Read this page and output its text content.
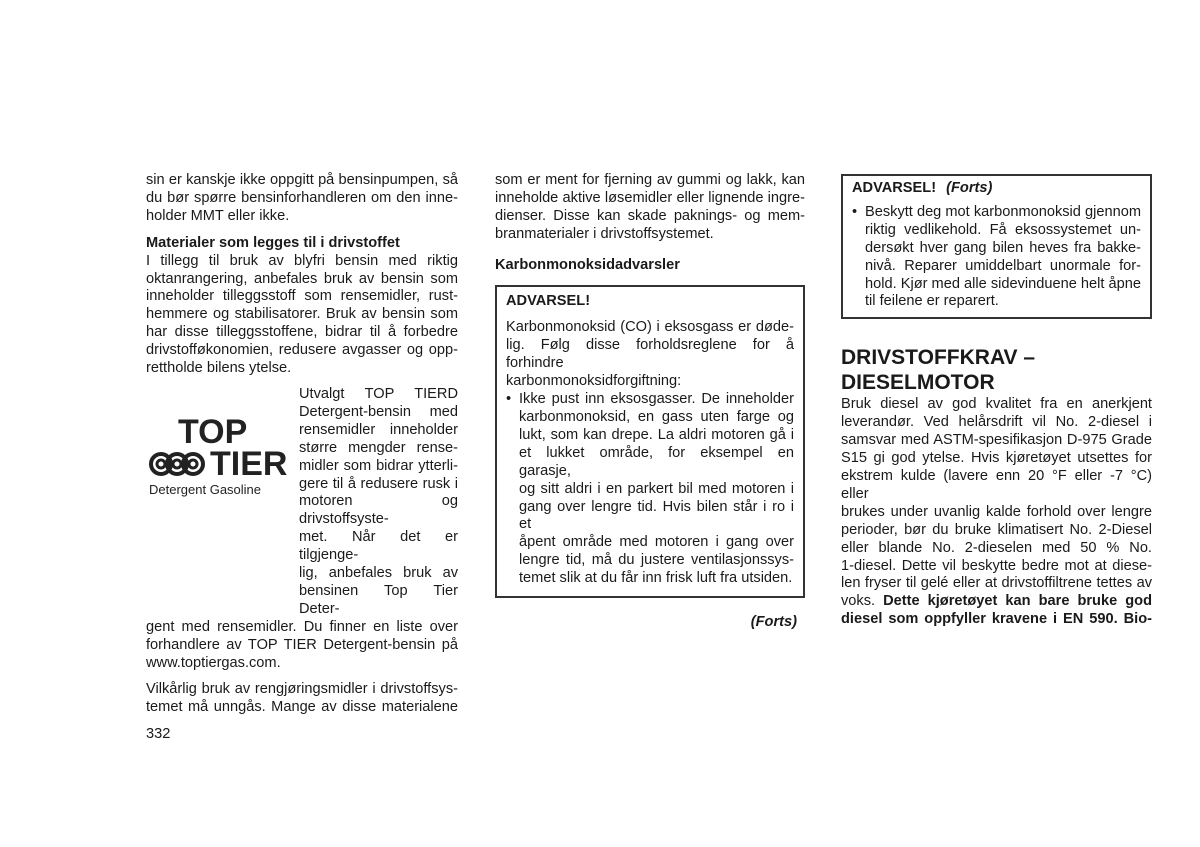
sin er kanskje ikke oppgitt på bensinpumpen, så

du bør spørre bensinforhandleren om den inne-

holder MMT eller ikke.

Materialer som legges til i drivstoffet

I tillegg til bruk av blyfri bensin med riktig

oktanrangering, anbefales bruk av bensin som

inneholder tilleggsstoff som rensemidler, rust-

hemmere og stabilisatorer. Bruk av bensin som

har disse tilleggsstoffene, bidrar til å forbedre

drivstofføkonomien, redusere avgasser og opp-

rettholde bilens ytelse.

TOP
TIER
Detergent Gasoline

Utvalgt TOP TIERD

Detergent-bensin med

rensemidler inneholder

større mengder rense-

midler som bidrar ytterli-

gere til å redusere rusk i

motoren og drivstoffsyste-

met. Når det er tilgjenge-

lig, anbefales bruk av

bensinen Top Tier Deter-

gent med rensemidler. Du finner en liste over

forhandlere av TOP TIER Detergent-bensin på

www.toptiergas.com.

Vilkårlig bruk av rengjøringsmidler i drivstoffsys-

temet må unngås. Mange av disse materialene

332

som er ment for fjerning av gummi og lakk, kan

inneholde aktive løsemidler eller lignende ingre-

dienser. Disse kan skade paknings- og mem-

branmaterialer i drivstoffsystemet.

Karbonmonoksidadvarsler

ADVARSEL!

Karbonmonoksid (CO) i eksosgass er døde-

lig. Følg disse forholdsreglene for å forhindre

karbonmonoksidforgiftning:

• Ikke pust inn eksosgasser. De inneholder

karbonmonoksid, en gass uten farge og

lukt, som kan drepe. La aldri motoren gå i

et lukket område, for eksempel en garasje,

og sitt aldri i en parkert bil med motoren i

gang over lengre tid. Hvis bilen står i ro i et

åpent område med motoren i gang over

lengre tid, må du justere ventilasjonssys-

temet slik at du får inn frisk luft fra utsiden.

(Forts)

ADVARSEL! (Forts)

• Beskytt deg mot karbonmonoksid gjennom

riktig vedlikehold. Få eksossystemet un-

dersøkt hver gang bilen heves fra bakke-

nivå. Reparer umiddelbart unormale for-

hold. Kjør med alle sidevinduene helt åpne

til feilene er reparert.

DRIVSTOFFKRAV –
DIESELMOTOR

Bruk diesel av god kvalitet fra en anerkjent

leverandør. Ved helårsdrift vil No. 2-diesel i

samsvar med ASTM-spesifikasjon D-975 Grade

S15 gi god ytelse. Hvis kjøretøyet utsettes for

ekstrem kulde (lavere enn 20 °F eller -7 °C) eller

brukes under uvanlig kalde forhold over lengre

perioder, bør du bruke klimatisert No. 2-Diesel

eller blande No. 2-dieselen med 50 % No.

1-diesel. Dette vil beskytte bedre mot at diese-

len fryser til gelé eller at drivstoffiltrene tettes av

voks. Dette kjøretøyet kan bare bruke god

diesel som oppfyller kravene i EN 590. Bio-
